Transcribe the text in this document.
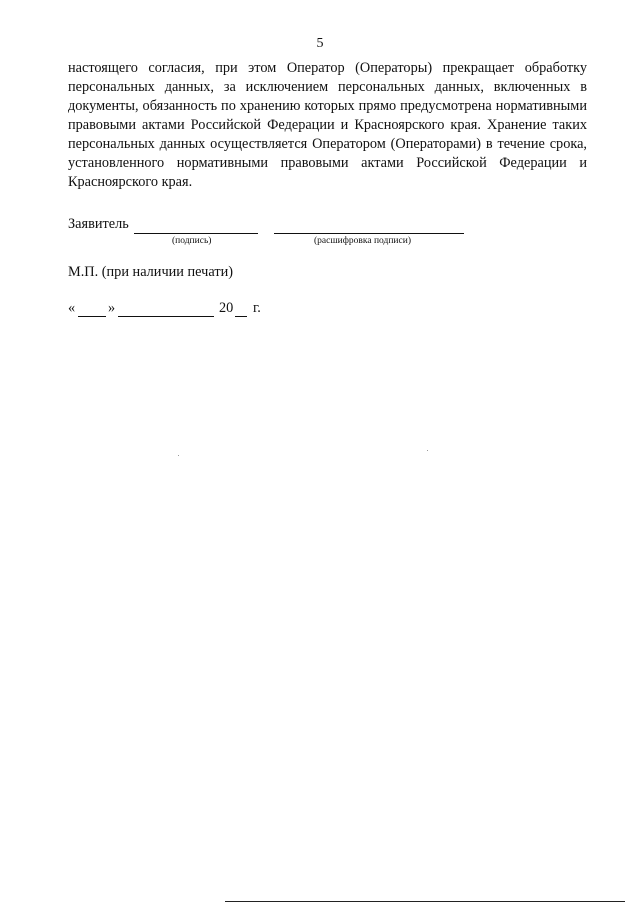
5

настоящего согласия, при этом Оператор (Операторы) прекращает обработку персональных данных, за исключением персональных данных, включенных в документы, обязанность по хранению которых прямо предусмотрена нормативными правовыми актами Российской Федерации и Красноярского края. Хранение таких персональных данных осуществляется Оператором (Операторами) в течение срока, установленного нормативными правовыми актами Российской Федерации и Красноярского края.

Заявитель
(подпись)	(расшифровка подписи)
М.П. (при наличии печати)
« »	20 г.
